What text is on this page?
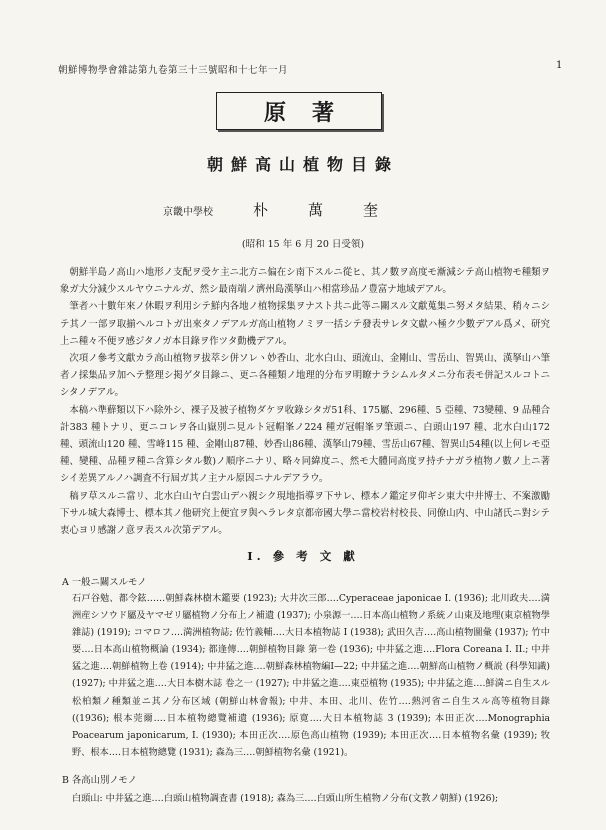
朝鮮博物學會雜誌第九卷第三十三號昭和十七年一月	1
原著
朝鮮高山植物目錄
京畿中學校	朴萬奎
(昭和 15 年 6 月 20 日受領)

朝鮮半島ノ高山ハ地形ノ支配ヲ受ケ主ニ北方ニ偏在シ南下スルニ從ヒ、其ノ數ヲ高度モ漸減シテ高山植物モ種類ヲ象ガ大分減少スルヤウニナルガ、然シ最南端ノ濟州島漢拏山ハ相當珍品ノ豊富ナ地域デアル。

筆者ハ十數年來ノ休暇ヲ利用シテ鮮内各地ノ植物採集ヲナスト共ニ此等ニ關スル文獻蒐集ニ努メタ結果、稍々ニシテ其ノ一部ヲ取揃ヘルコトガ出來タノデアルガ高山植物ノミヲ一括シテ發表サレタ文獻ハ極ク少數デアル爲メ、研究上ニ種々不便ヲ感ジタノガ本目錄ヲ作ツタ動機デアル。

次項ノ參考文獻カラ高山植物ヲ拔萃シ併ソレヽ妙香山、北水白山、頭流山、金剛山、雪岳山、智異山、漢拏山ハ筆者ノ採集品ヲ加ヘテ整理シ掲ゲタ目錄ニ、更ニ各種類ノ地理的分布ヲ明瞭ナラシムルタメニ分布表モ併記スルコトニシタノデアル。

本稿ハ準蘚類以下ハ除外シ、裸子及被子植物ダケヲ收錄シタガ51科、175屬、296種、5 亞種、73變種、9 品種合計383 種トナリ、更ニコレヲ各山嶽別ニ見ルト冠帽峯ノ224 種ガ冠帽峯ヲ筆頭ニ、白頭山197 種、北水白山172 種、頭流山120 種、雪峰115 種、金剛山87種、妙香山86種、漢拏山79種、雪岳山67種、智異山54種(以上何レモ亞種、變種、品種ヲ種ニ含算シタル數)ノ順序ニナリ、略々同緯度ニ、然モ大體同高度ヲ持チナガラ植物ノ數ノ上ニ著シイ差異アルノハ調査不行屆ガ其ノ主ナル原因ニナルデアラウ。

稿ヲ草スルニ當リ、北水白山ヤ白雲山デハ親シク現地指導ヲ下サレ、標本ノ鑑定ヲ仰ギシ東大中井博士、不案激勵下サル城大森博士、標本其ノ他研究上便宜ヲ與ヘラレタ京都帝國大學ニ當校岩村校長、同僚山内、中山諸氏ニ對シテ衷心ヨリ感謝ノ意ヲ表スル次第デアル。

I. 參 考 文 獻
A 一般ニ關スルモノ
石戸谷勉、都令鉉‥‥‥朝鮮森林樹木鑑要 (1923); 大井次三郎‥‥Cyperaceae japonicae I. (1936); 北川政夫‥‥満洲産シソウド屬及ヤマゼリ屬植物ノ分布上ノ補遺 (1937); 小泉源一‥‥日本高山植物ノ系統ノ山東及地理(東京植物學雜誌) (1919); コマロフ‥‥満洲植物誌; 佐竹義輔‥‥大日本植物誌 I (1938); 武田久吉‥‥高山植物圖彙 (1937); 竹中要‥‥日本高山植物概論 (1934); 都逢傳‥‥朝鮮植物目錄 第一卷 (1936); 中井猛之進‥‥Flora Coreana I. II.; 中井猛之進‥‥朝鮮植物上卷 (1914); 中井猛之進‥‥朝鮮森林植物編I—22; 中井猛之進‥‥朝鮮高山植物ノ概説 (科學知識) (1927); 中井猛之進‥‥大日本樹木誌 卷之一 (1927); 中井猛之進‥‥東亞植物 (1935); 中井猛之進‥‥鮮満ニ自生スル松柏類ノ種類並ニ其ノ分布区域 (朝鮮山林會報); 中井、本田、北川、佐竹‥‥熱河省ニ自生スル高等植物目錄 ((1936); 根本莞爾‥‥日本植物總覽補遺 (1936); 原寛‥‥大日本植物誌 3 (1939); 本田正次‥‥Monographia Poacearum japonicarum, I. (1930); 本田正次‥‥原色高山植物 (1939); 本田正次‥‥日本植物名彙 (1939); 牧野、根本‥‥日本植物總覽 (1931); 森為三‥‥朝鮮植物名彙 (1921)。
B 各高山別ノモノ
白頭山: 中井猛之進‥‥白頭山植物調査書 (1918); 森為三‥‥白頭山所生植物ノ分布(文教ノ朝鮮) (1926);
